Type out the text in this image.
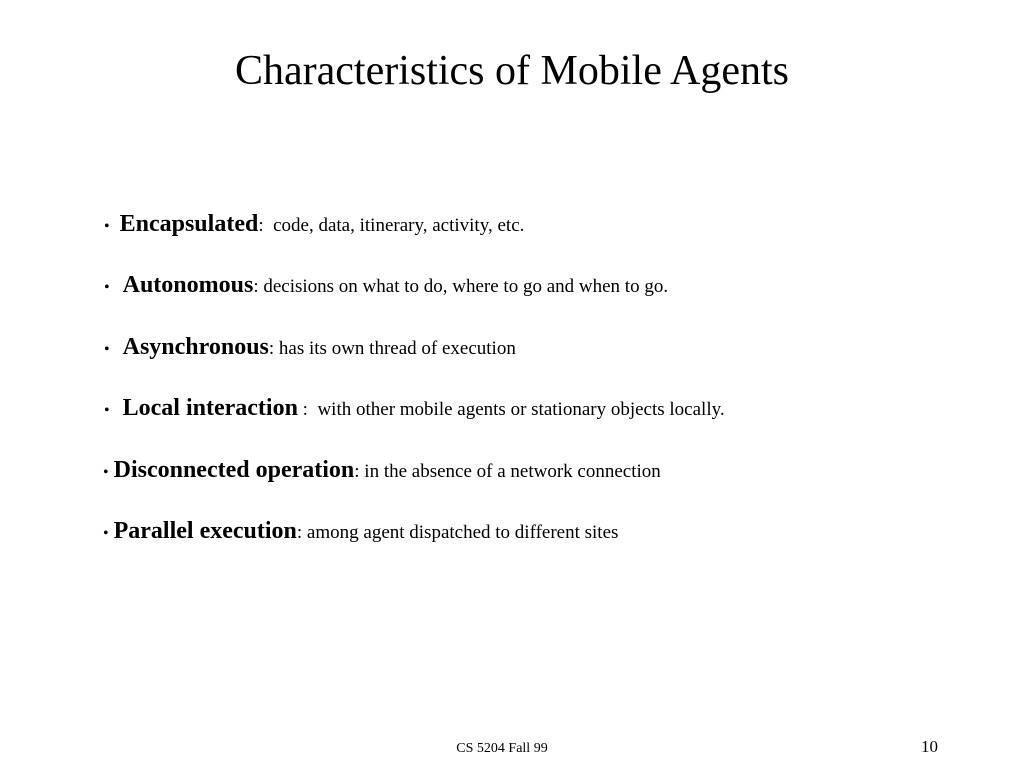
Characteristics of Mobile Agents
• Encapsulated:  code, data, itinerary, activity, etc.
• Autonomous: decisions on what to do, where to go and when to go.
• Asynchronous: has its own thread of execution
• Local interaction :  with other mobile agents or stationary objects locally.
• Disconnected operation: in the absence of a network connection
• Parallel execution: among agent dispatched to different sites
CS 5204 Fall 99	10
